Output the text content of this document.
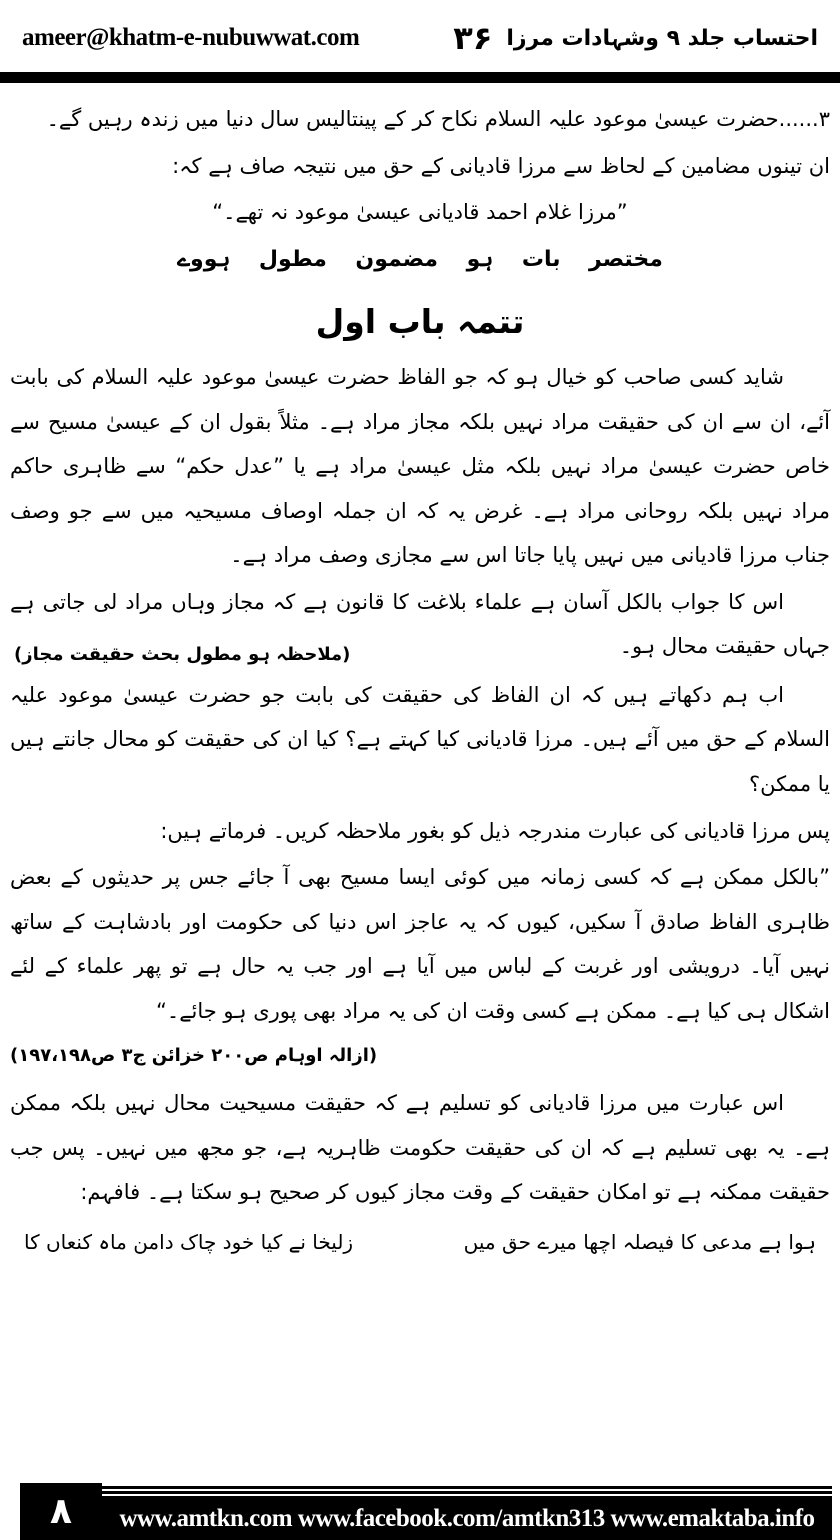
ameer@khatm-e-nubuwwat.com	۳۶ احتساب جلد ۹ وشہادات مرزا

۳......حضرت عیسیٰ موعود علیہ السلام نکاح کر کے پینتالیس سال دنیا میں زندہ رہیں گے۔

ان تینوں مضامین کے لحاظ سے مرزا قادیانی کے حق میں نتیجہ صاف ہے کہ:

”مرزا غلام احمد قادیانی عیسیٰ موعود نہ تھے۔“

مختصر بات ہو مضمون مطول ہووے

تتمہ باب اول

شاید کسی صاحب کو خیال ہو کہ جو الفاظ حضرت عیسیٰ موعود علیہ السلام کی بابت آئے، ان سے ان کی حقیقت مراد نہیں بلکہ مجاز مراد ہے۔ مثلاً بقول ان کے عیسیٰ مسیح سے خاص حضرت عیسیٰ مراد نہیں بلکہ مثل عیسیٰ مراد ہے یا ”عدل حکم“ سے ظاہری حاکم مراد نہیں بلکہ روحانی مراد ہے۔ غرض یہ کہ ان جملہ اوصاف مسیحیہ میں سے جو وصف جناب مرزا قادیانی میں نہیں پایا جاتا اس سے مجازی وصف مراد ہے۔

اس کا جواب بالکل آسان ہے علماء بلاغت کا قانون ہے کہ مجاز وہاں مراد لی جاتی ہے جہاں حقیقت محال ہو۔
(ملاحظہ ہو مطول بحث حقیقت مجاز)

اب ہم دکھاتے ہیں کہ ان الفاظ کی حقیقت کی بابت جو حضرت عیسیٰ موعود علیہ السلام کے حق میں آئے ہیں۔ مرزا قادیانی کیا کہتے ہے؟ کیا ان کی حقیقت کو محال جانتے ہیں یا ممکن؟

پس مرزا قادیانی کی عبارت مندرجہ ذیل کو بغور ملاحظہ کریں۔ فرماتے ہیں:

”بالکل ممکن ہے کہ کسی زمانہ میں کوئی ایسا مسیح بھی آ جائے جس پر حدیثوں کے بعض ظاہری الفاظ صادق آ سکیں، کیوں کہ یہ عاجز اس دنیا کی حکومت اور بادشاہت کے ساتھ نہیں آیا۔ درویشی اور غربت کے لباس میں آیا ہے اور جب یہ حال ہے تو پھر علماء کے لئے اشکال ہی کیا ہے۔ ممکن ہے کسی وقت ان کی یہ مراد بھی پوری ہو جائے۔“

(ازالہ اوہام ص۲۰۰ خزائن ج۳ ص۱۹۷،۱۹۸)

اس عبارت میں مرزا قادیانی کو تسلیم ہے کہ حقیقت مسیحیت محال نہیں بلکہ ممکن ہے۔ یہ بھی تسلیم ہے کہ ان کی حقیقت حکومت ظاہریہ ہے، جو مجھ میں نہیں۔ پس جب حقیقت ممکنہ ہے تو امکان حقیقت کے وقت مجاز کیوں کر صحیح ہو سکتا ہے۔ فافہم:

ہوا ہے مدعی کا فیصلہ اچھا میرے حق میں
زلیخا نے کیا خود چاک دامن ماہ کنعاں کا
۸	www.amtkn.com www.facebook.com/amtkn313 www.emaktaba.info
